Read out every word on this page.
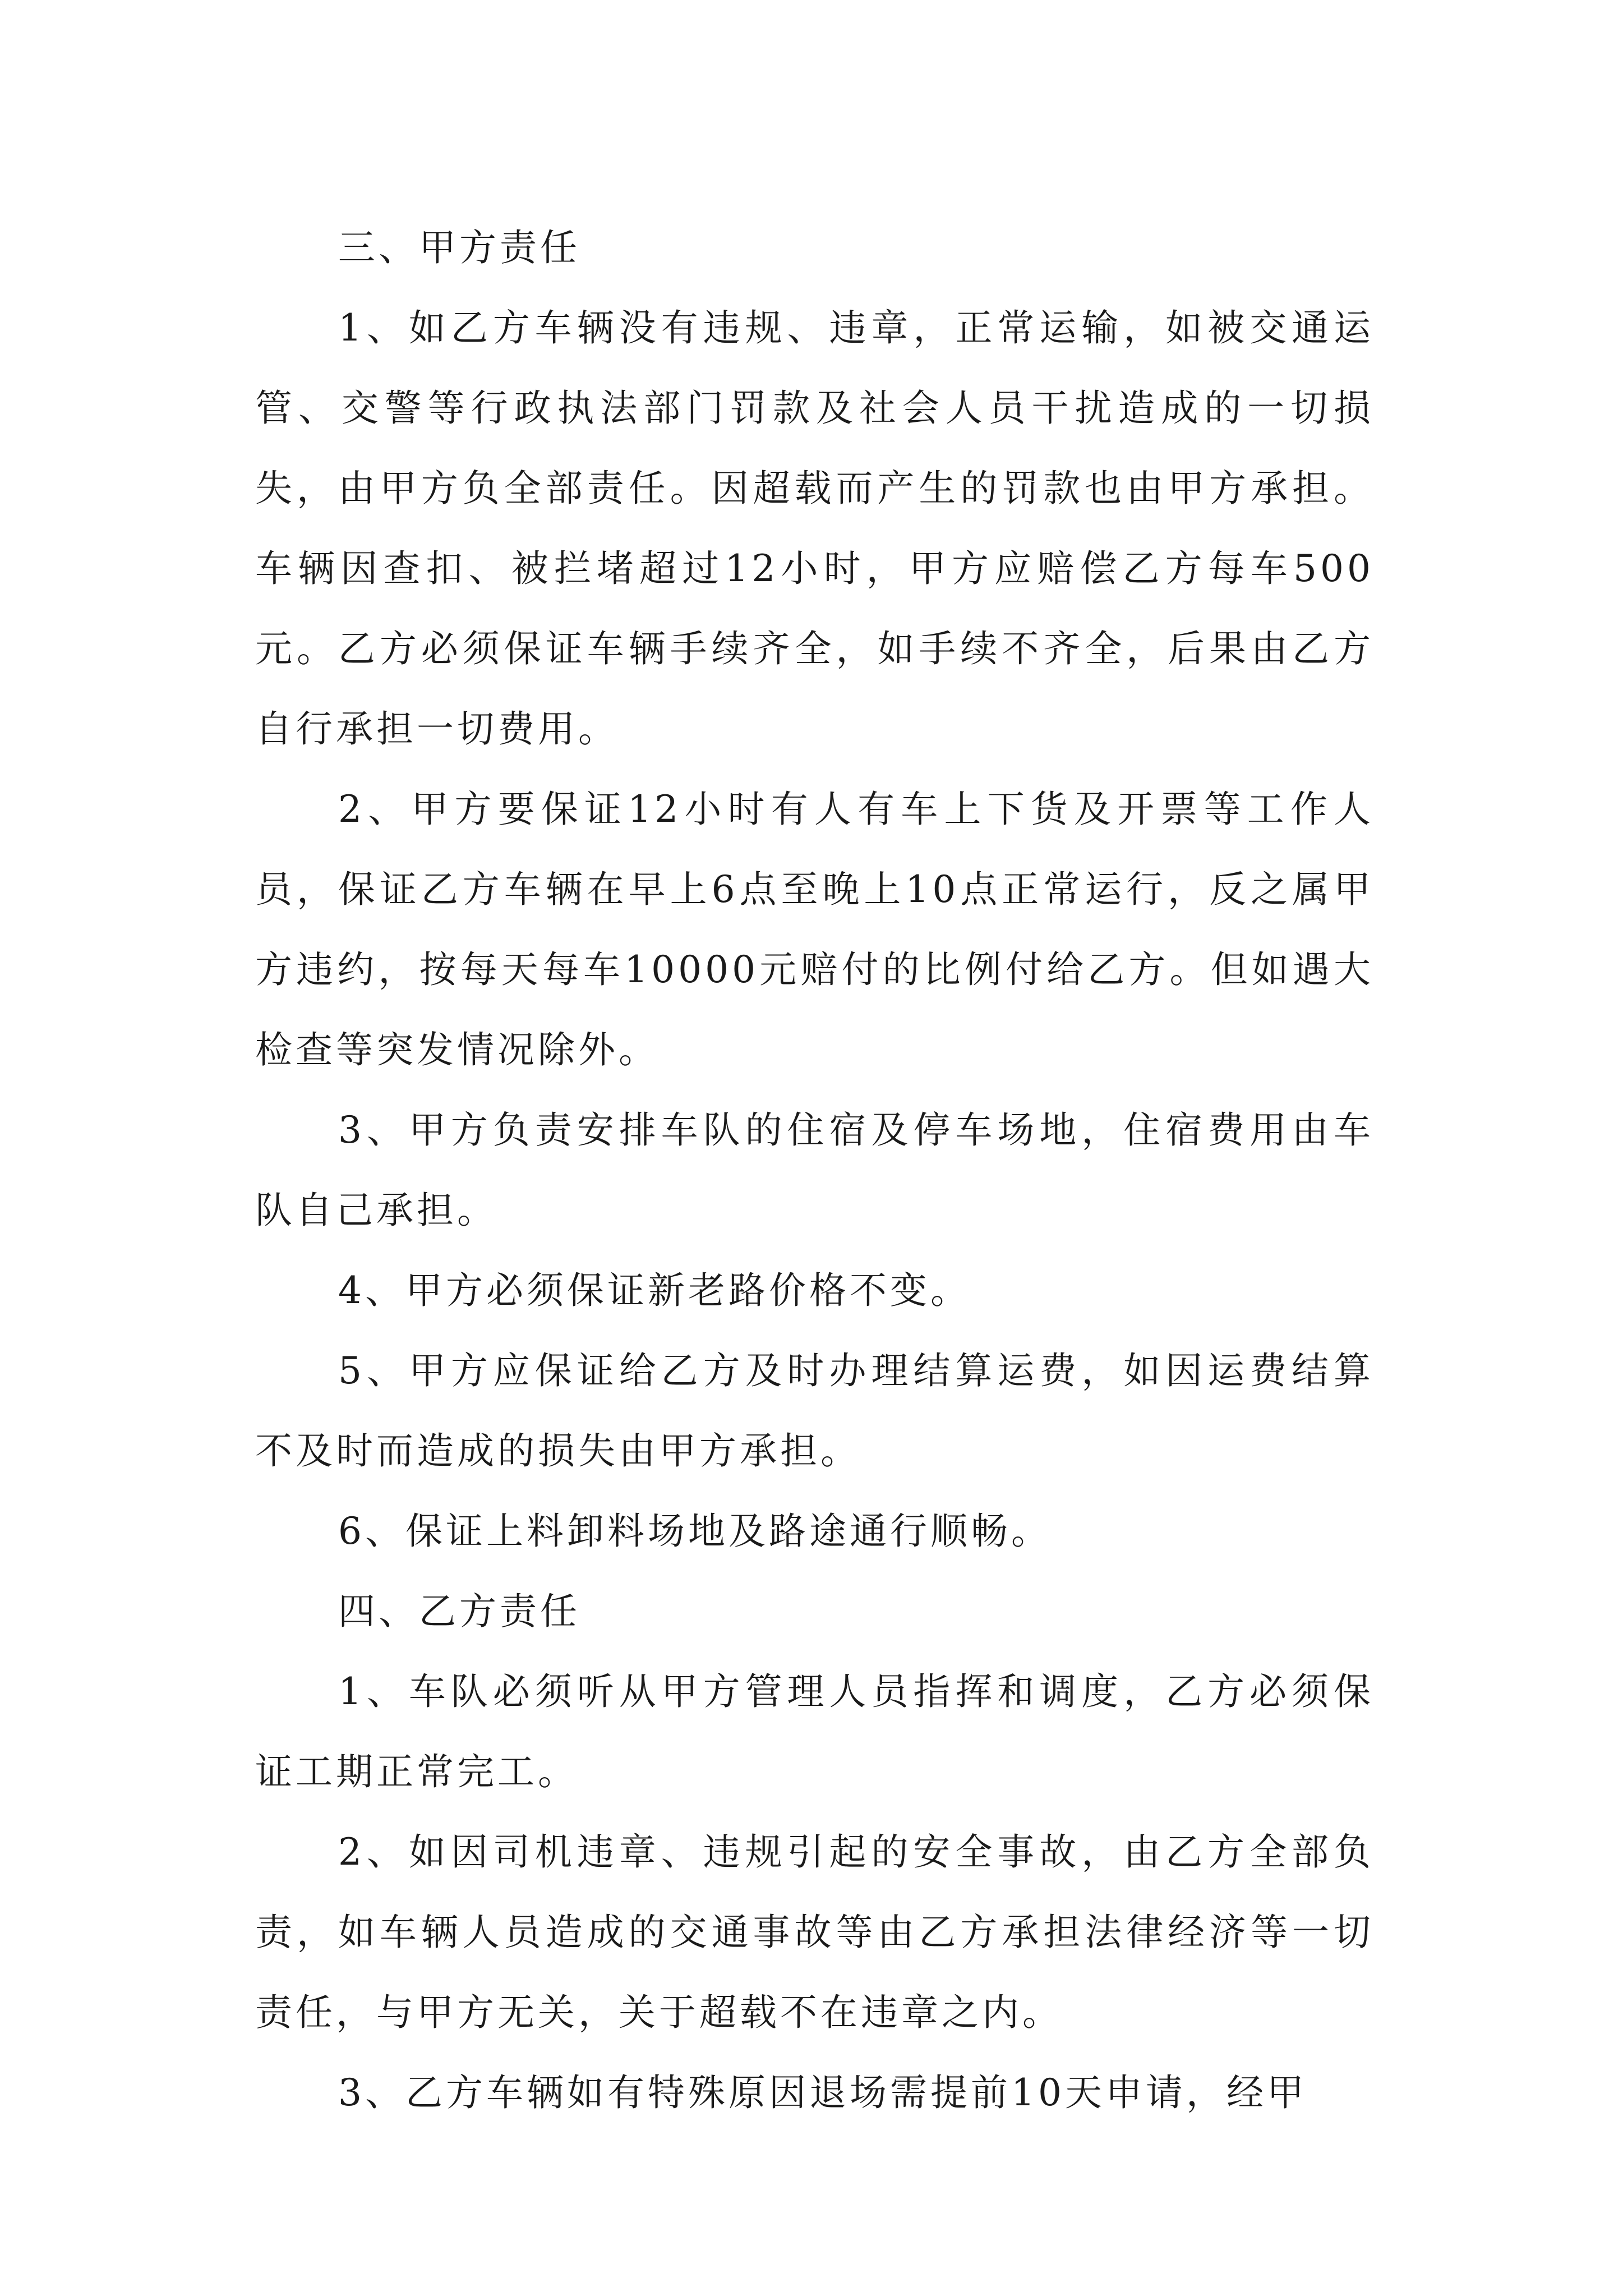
三、甲方责任

1、如乙方车辆没有违规、违章，正常运输，如被交通运管、交警等行政执法部门罚款及社会人员干扰造成的一切损失，由甲方负全部责任。因超载而产生的罚款也由甲方承担。车辆因查扣、被拦堵超过12小时，甲方应赔偿乙方每车500元。乙方必须保证车辆手续齐全，如手续不齐全，后果由乙方自行承担一切费用。

2、甲方要保证12小时有人有车上下货及开票等工作人员，保证乙方车辆在早上6点至晚上10点正常运行，反之属甲方违约，按每天每车10000元赔付的比例付给乙方。但如遇大检查等突发情况除外。

3、甲方负责安排车队的住宿及停车场地，住宿费用由车队自己承担。

4、甲方必须保证新老路价格不变。

5、甲方应保证给乙方及时办理结算运费，如因运费结算不及时而造成的损失由甲方承担。

6、保证上料卸料场地及路途通行顺畅。

四、乙方责任

1、车队必须听从甲方管理人员指挥和调度，乙方必须保证工期正常完工。

2、如因司机违章、违规引起的安全事故，由乙方全部负责，如车辆人员造成的交通事故等由乙方承担法律经济等一切责任，与甲方无关，关于超载不在违章之内。

3、乙方车辆如有特殊原因退场需提前10天申请，经甲
